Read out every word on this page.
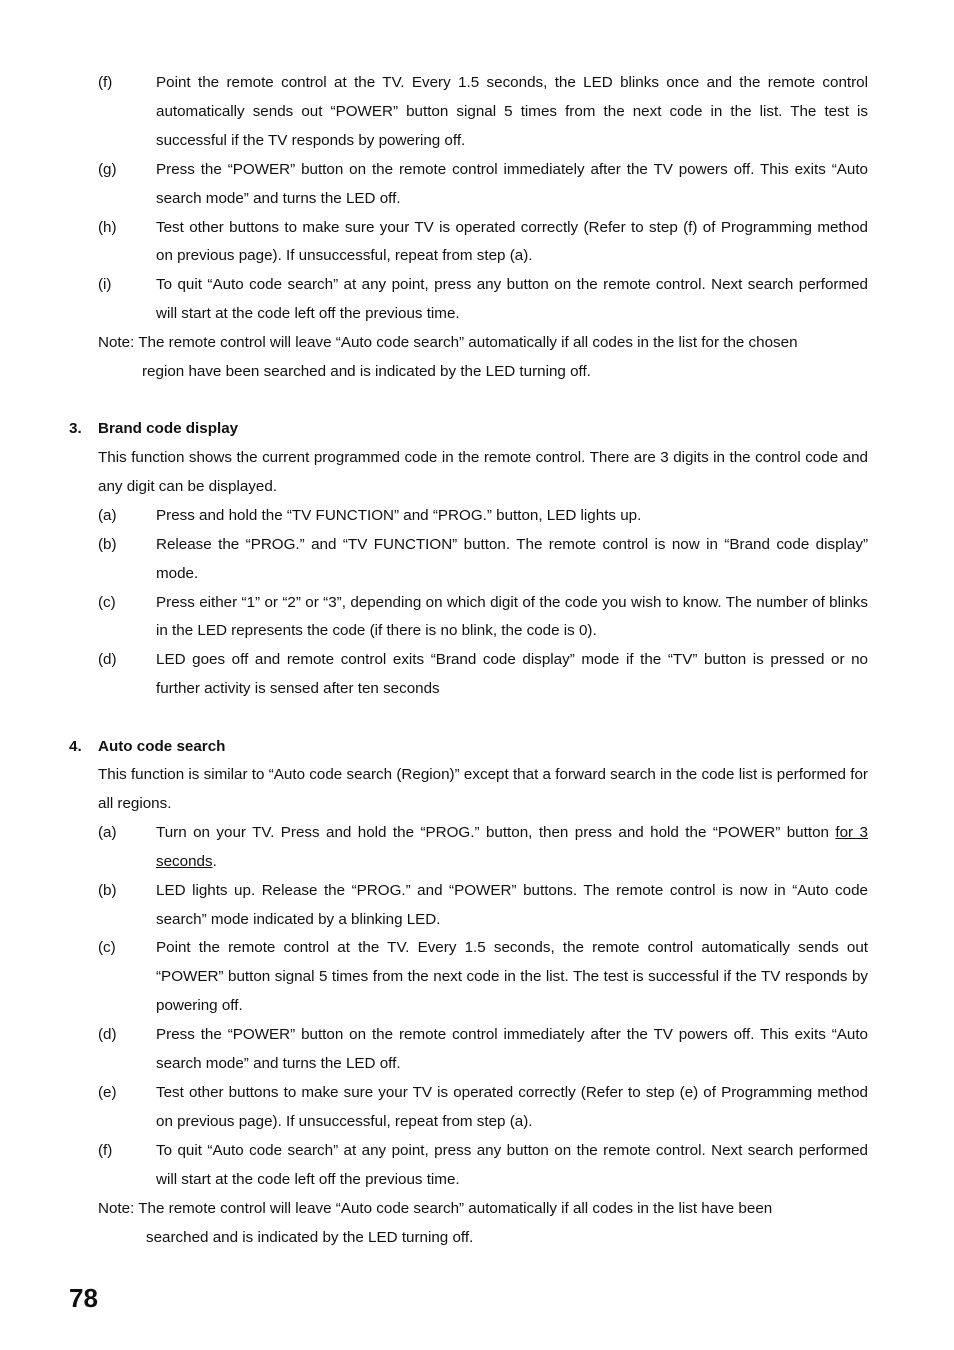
(f)	Point the remote control at the TV. Every 1.5 seconds, the LED blinks once and the remote control automatically sends out “POWER” button signal 5 times from the next code in the list. The test is successful if the TV responds by powering off.
(g)	Press the “POWER” button on the remote control immediately after the TV powers off. This exits “Auto search mode” and turns the LED off.
(h)	Test other buttons to make sure your TV is operated correctly (Refer to step (f) of Programming method on previous page). If unsuccessful, repeat from step (a).
(i)	To quit “Auto code search” at any point, press any button on the remote control. Next search performed will start at the code left off the previous time.
Note: The remote control will leave “Auto code search” automatically if all codes in the list for the chosen
region have been searched and is indicated by the LED turning off.
3. Brand code display
This function shows the current programmed code in the remote control. There are 3 digits in the control code and any digit can be displayed.
(a)	Press and hold the “TV FUNCTION” and “PROG.” button, LED lights up.
(b)	Release the “PROG.” and “TV FUNCTION” button. The remote control is now in “Brand code display” mode.
(c)	Press either “1” or “2” or “3”, depending on which digit of the code you wish to know. The number of blinks in the LED represents the code (if there is no blink, the code is 0).
(d)	LED goes off and remote control exits “Brand code display” mode if the “TV” button is pressed or no further activity is sensed after ten seconds
4. Auto code search
This function is similar to “Auto code search (Region)” except that a forward search in the code list is performed for all regions.
(a)	Turn on your TV. Press and hold the “PROG.” button, then press and hold the “POWER” button for 3 seconds.
(b)	LED lights up. Release the “PROG.” and “POWER” buttons. The remote control is now in “Auto code search” mode indicated by a blinking LED.
(c)	Point the remote control at the TV. Every 1.5 seconds, the remote control automatically sends out “POWER” button signal 5 times from the next code in the list. The test is successful if the TV responds by powering off.
(d)	Press the “POWER” button on the remote control immediately after the TV powers off. This exits “Auto search mode” and turns the LED off.
(e)	Test other buttons to make sure your TV is operated correctly (Refer to step (e) of Programming method on previous page). If unsuccessful, repeat from step (a).
(f)	To quit “Auto code search” at any point, press any button on the remote control. Next search performed will start at the code left off the previous time.
Note: The remote control will leave “Auto code search” automatically if all codes in the list have been
searched and is indicated by the LED turning off.
78
